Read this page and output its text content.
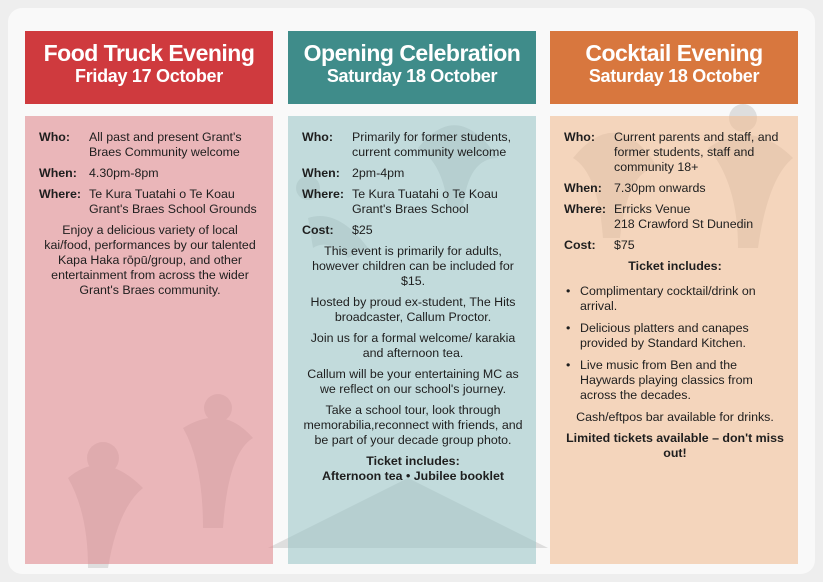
Food Truck Evening
Friday 17 October
Who:	All past and present Grant's Braes Community welcome
When: 4.30pm-8pm
Where: Te Kura Tuatahi o Te Koau Grant's Braes School Grounds

Enjoy a delicious variety of local kai/food, performances by our talented Kapa Haka rōpū/group, and other entertainment from across the wider Grant's Braes community.

Opening Celebration
Saturday 18 October
Who:	Primarily for former students, current community welcome
When: 2pm-4pm
Where: Te Kura Tuatahi o Te Koau Grant's Braes School
Cost:	$25

This event is primarily for adults, however children can be included for $15.

Hosted by proud ex-student, The Hits broadcaster, Callum Proctor.

Join us for a formal welcome/ karakia and afternoon tea.

Callum will be your entertaining MC as we reflect on our school's journey.

Take a school tour, look through memorabilia,reconnect with friends, and be part of your decade group photo.

Ticket includes:

Afternoon tea • Jubilee booklet

Cocktail Evening
Saturday 18 October
Who:	Current parents and staff, and former students, staff and community 18+
When: 7.30pm onwards
Where: Erricks Venue
218 Crawford St Dunedin
Cost:	$75

Ticket includes:

• Complimentary cocktail/drink on arrival.
• Delicious platters and canapes provided by Standard Kitchen.
• Live music from Ben and the Haywards playing classics from across the decades.

Cash/eftpos bar available for drinks.

Limited tickets available – don't miss out!
